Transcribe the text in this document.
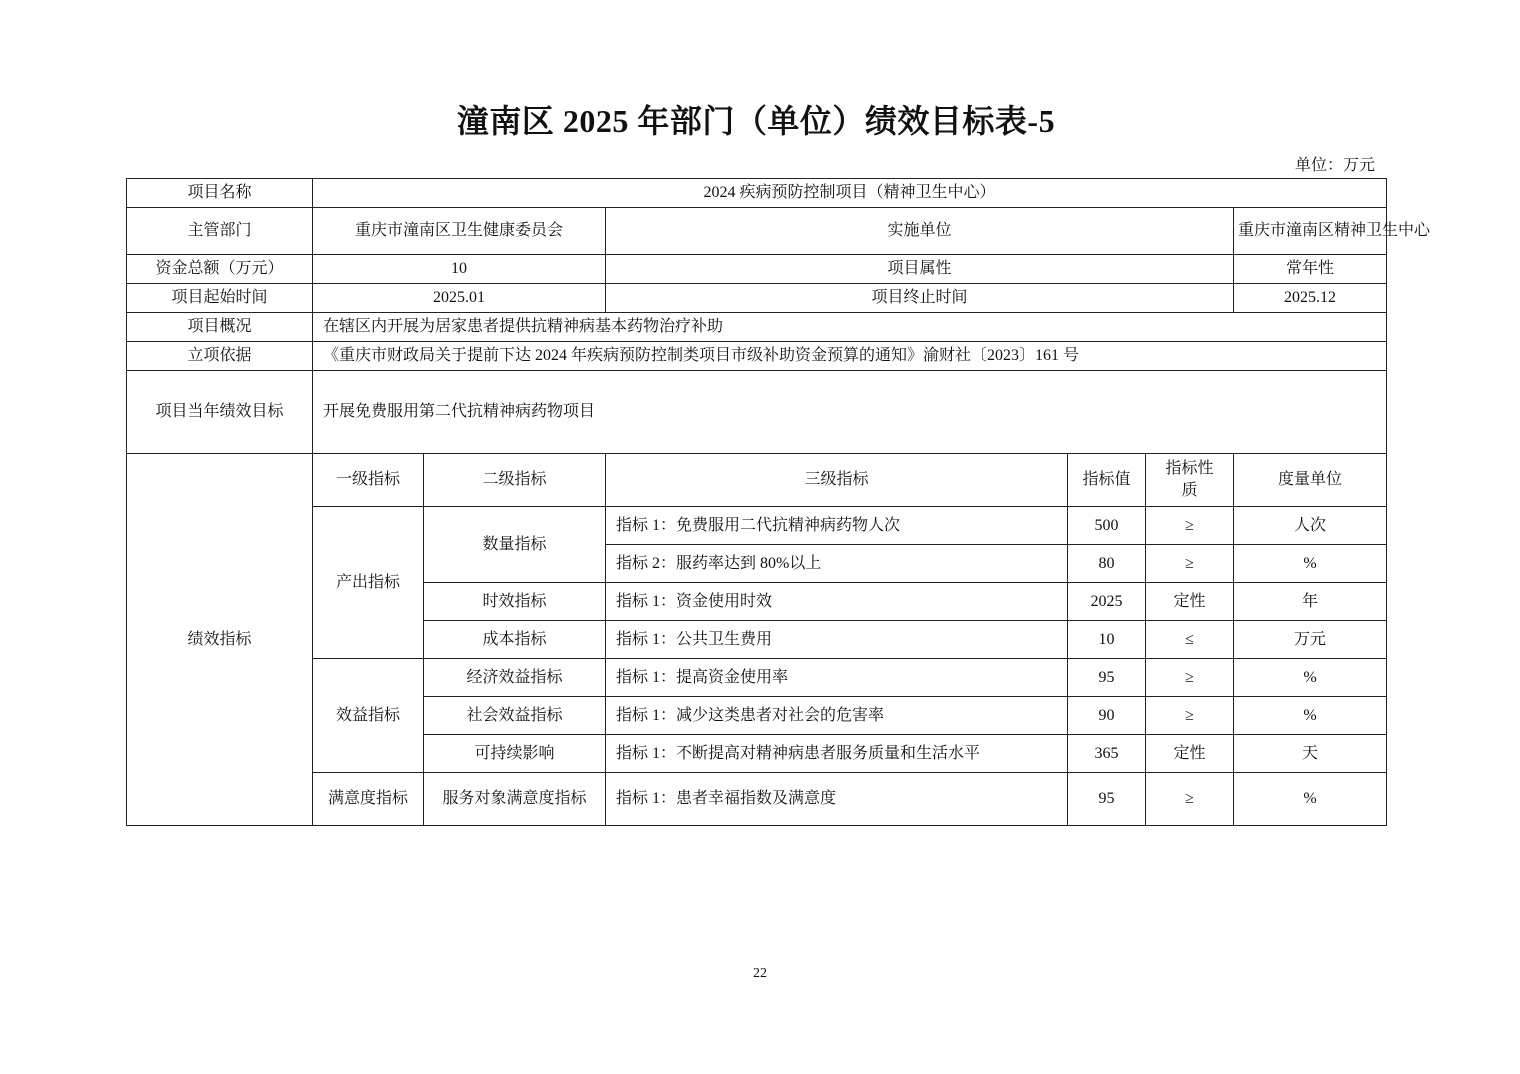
潼南区 2025 年部门（单位）绩效目标表-5
单位：万元
项目名称	2024 疾病预防控制项目（精神卫生中心）					
主管部门	重庆市潼南区卫生健康委员会		实施单位			重庆市潼南区精神卫生中心
资金总额（万元）	10		项目属性			常年性
项目起始时间	2025.01		项目终止时间			2025.12
项目概况	在辖区内开展为居家患者提供抗精神病基本药物治疗补助					
立项依据	《重庆市财政局关于提前下达 2024 年疾病预防控制类项目市级补助资金预算的通知》渝财社〔2023〕161 号					
项目当年绩效目标	开展免费服用第二代抗精神病药物项目					
绩效指标	一级指标	二级指标	三级指标	指标值	指标性质	度量单位
	产出指标	数量指标	指标 1：免费服用二代抗精神病药物人次	500	≥	人次
			指标 2：服药率达到 80%以上	80	≥	%
		时效指标	指标 1：资金使用时效	2025	定性	年
		成本指标	指标 1：公共卫生费用	10	≤	万元
	效益指标	经济效益指标	指标 1：提高资金使用率	95	≥	%
		社会效益指标	指标 1：减少这类患者对社会的危害率	90	≥	%
		可持续影响	指标 1：不断提高对精神病患者服务质量和生活水平	365	定性	天
	满意度指标	服务对象满意度指标	指标 1：患者幸福指数及满意度	95	≥	%
22
